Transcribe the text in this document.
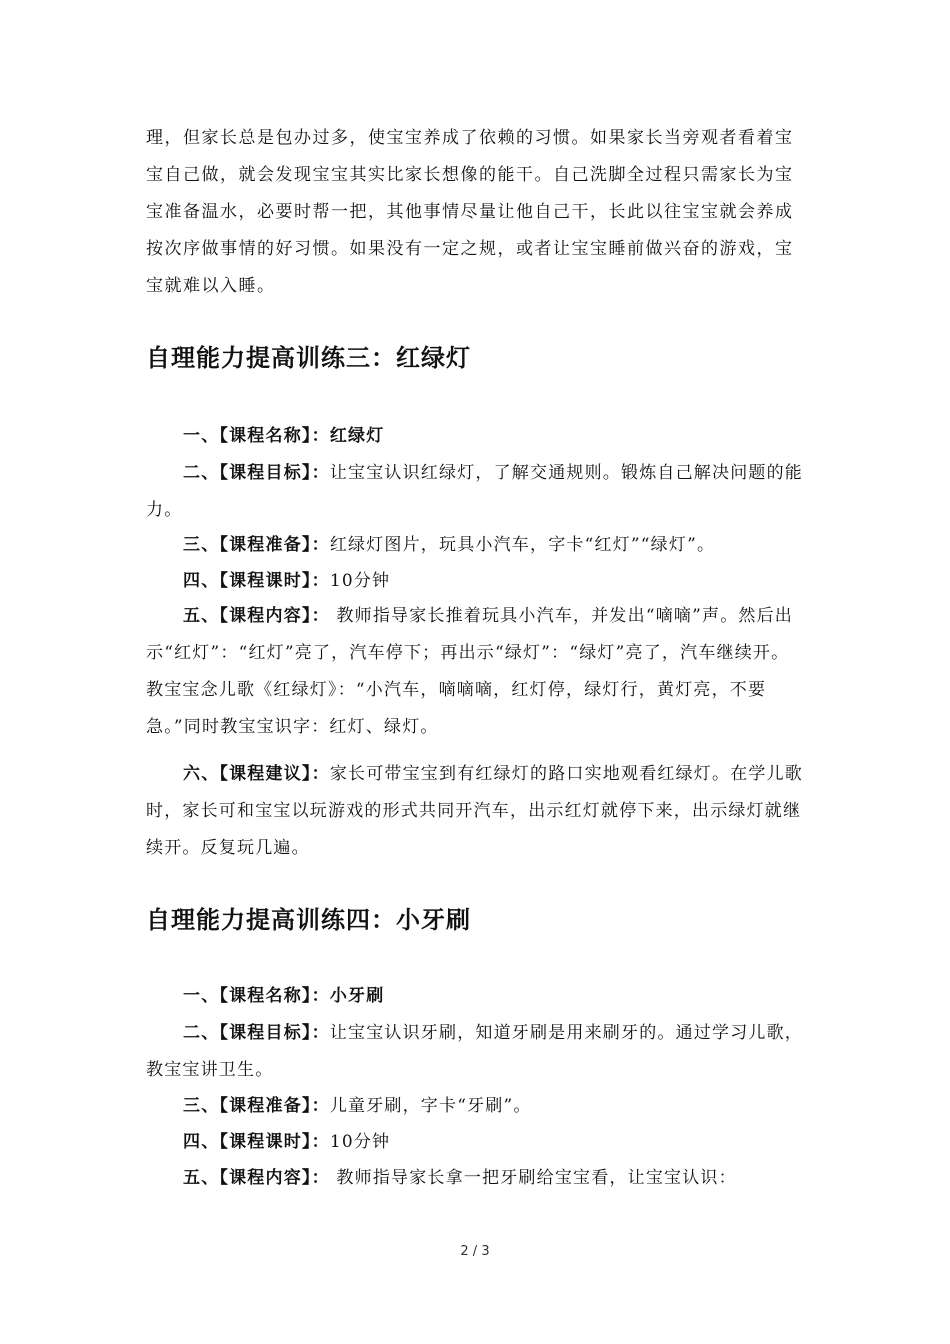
理，但家长总是包办过多，使宝宝养成了依赖的习惯。如果家长当旁观者看着宝宝自己做，就会发现宝宝其实比家长想像的能干。自己洗脚全过程只需家长为宝宝准备温水，必要时帮一把，其他事情尽量让他自己干，长此以往宝宝就会养成按次序做事情的好习惯。如果没有一定之规，或者让宝宝睡前做兴奋的游戏，宝宝就难以入睡。

自理能力提高训练三：红绿灯

一、【课程名称】：红绿灯

二、【课程目标】：让宝宝认识红绿灯，了解交通规则。锻炼自己解决问题的能力。

三、【课程准备】：红绿灯图片，玩具小汽车，字卡“红灯”“绿灯”。

四、【课程课时】：10分钟

五、【课程内容】： 教师指导家长推着玩具小汽车，并发出“嘀嘀”声。然后出示“红灯”：“红灯”亮了，汽车停下；再出示“绿灯”：“绿灯”亮了，汽车继续开。教宝宝念儿歌《红绿灯》：“小汽车，嘀嘀嘀，红灯停，绿灯行，黄灯亮，不要急。”同时教宝宝识字：红灯、绿灯。

六、【课程建议】：家长可带宝宝到有红绿灯的路口实地观看红绿灯。在学儿歌时，家长可和宝宝以玩游戏的形式共同开汽车，出示红灯就停下来，出示绿灯就继续开。反复玩几遍。

自理能力提高训练四：小牙刷

一、【课程名称】：小牙刷

二、【课程目标】：让宝宝认识牙刷，知道牙刷是用来刷牙的。通过学习儿歌，教宝宝讲卫生。

三、【课程准备】：儿童牙刷，字卡“牙刷”。

四、【课程课时】：10分钟

五、【课程内容】： 教师指导家长拿一把牙刷给宝宝看，让宝宝认识：

2 / 3
